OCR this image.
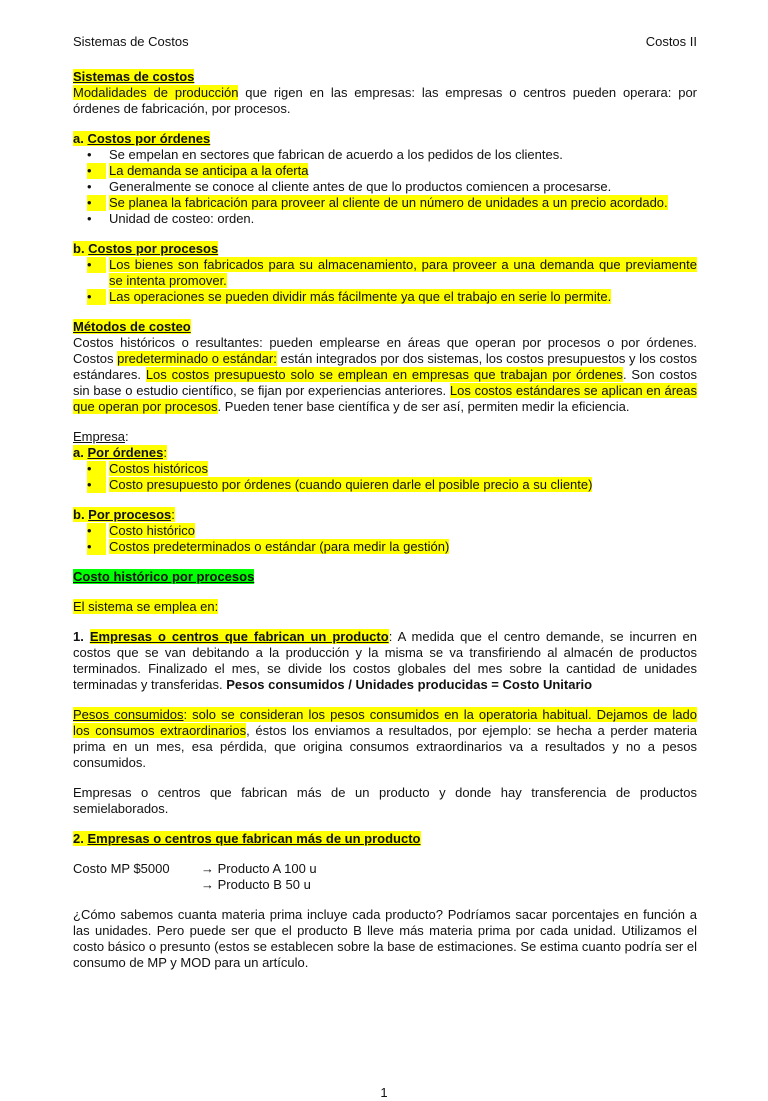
Sistemas de Costos	Costos II
Sistemas de costos
Modalidades de producción que rigen en las empresas: las empresas o centros pueden operara: por órdenes de fabricación, por procesos.
a. Costos por órdenes
•	Se empelan en sectores que fabrican de acuerdo a los pedidos de los clientes.
•	La demanda se anticipa a la oferta
•	Generalmente se conoce al cliente antes de que lo productos comiencen a procesarse.
•	Se planea la fabricación para proveer al cliente de un número de unidades a un precio acordado.
•	Unidad de costeo: orden.
b. Costos por procesos
•	Los bienes son fabricados para su almacenamiento, para proveer a una demanda que previamente se intenta promover.
•	Las operaciones se pueden dividir más fácilmente ya que el trabajo en serie lo permite.
Métodos de costeo
Costos históricos o resultantes: pueden emplearse en áreas que operan por procesos o por órdenes. Costos predeterminado o estándar: están integrados por dos sistemas, los costos presupuestos y los costos estándares. Los costos presupuesto solo se emplean en empresas que trabajan por órdenes. Son costos sin base o estudio científico, se fijan por experiencias anteriores. Los costos estándares se aplican en áreas que operan por procesos. Pueden tener base científica y de ser así, permiten medir la eficiencia.
Empresa:
a. Por órdenes:
•	Costos históricos
•	Costo presupuesto por órdenes (cuando quieren darle el posible precio a su cliente)
b. Por procesos:
•	Costo histórico
•	Costos predeterminados o estándar (para medir la gestión)
Costo histórico por procesos
El sistema se emplea en:
1. Empresas o centros que fabrican un producto: A medida que el centro demande, se incurren en costos que se van debitando a la producción y la misma se va transfiriendo al almacén de productos terminados. Finalizado el mes, se divide los costos globales del mes sobre la cantidad de unidades terminadas y transferidas. Pesos consumidos / Unidades producidas = Costo Unitario
Pesos consumidos: solo se consideran los pesos consumidos en la operatoria habitual. Dejamos de lado los consumos extraordinarios, éstos los enviamos a resultados, por ejemplo: se hecha a perder materia prima en un mes, esa pérdida, que origina consumos extraordinarios va a resultados y no a pesos consumidos.
Empresas o centros que fabrican más de un producto y donde hay transferencia de productos semielaborados.
2. Empresas o centros que fabrican más de un producto
Costo MP $5000 → Producto A 100 u
→ Producto B 50 u
¿Cómo sabemos cuanta materia prima incluye cada producto? Podríamos sacar porcentajes en función a las unidades. Pero puede ser que el producto B lleve más materia prima por cada unidad. Utilizamos el costo básico o presunto (estos se establecen sobre la base de estimaciones. Se estima cuanto podría ser el consumo de MP y MOD para un artículo.
1
